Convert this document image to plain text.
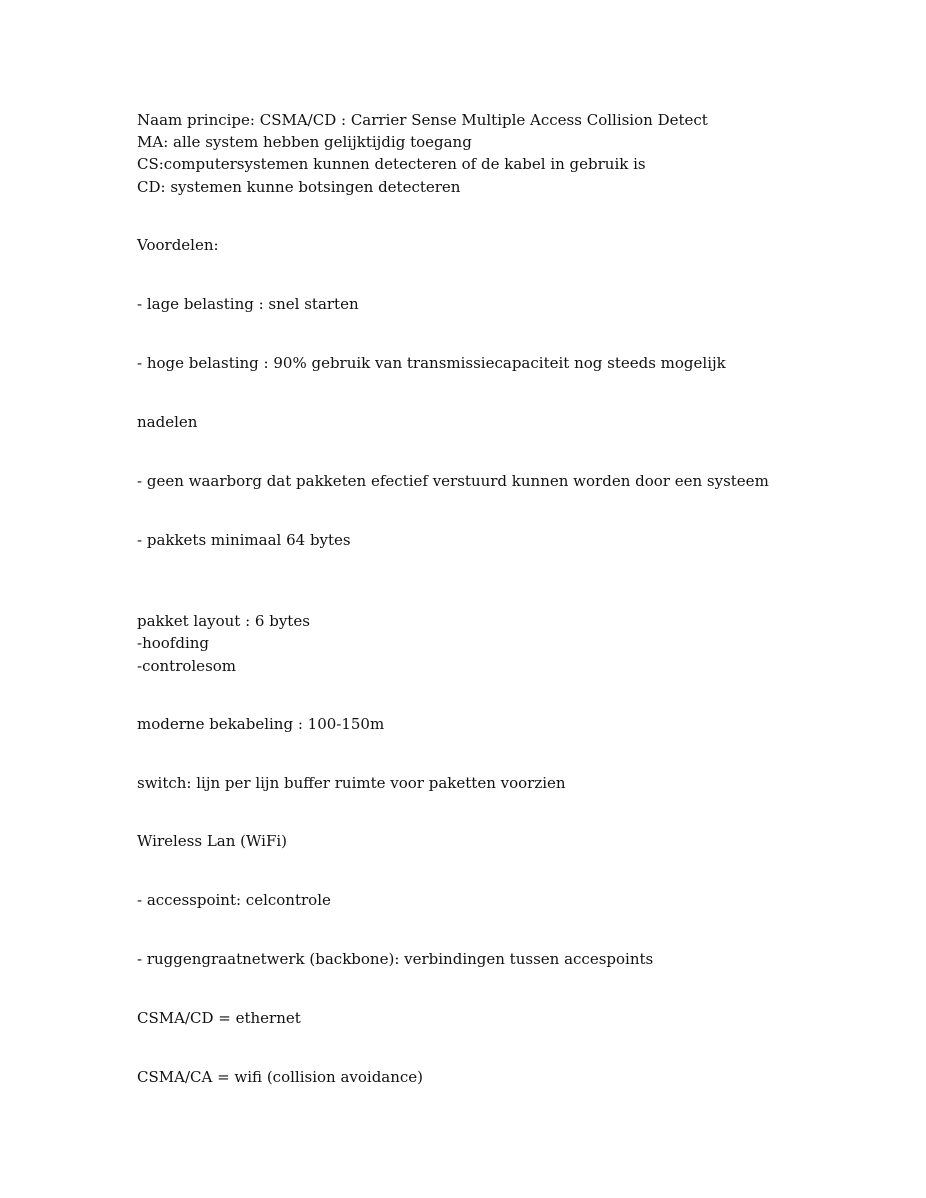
Naam principe: CSMA/CD : Carrier Sense Multiple Access Collision Detect
MA: alle system hebben gelijktijdig toegang
CS:computersystemen kunnen detecteren of de kabel in gebruik is
CD: systemen kunne botsingen detecteren
Voordelen:
- lage belasting : snel starten
- hoge belasting : 90% gebruik van transmissiecapaciteit nog steeds mogelijk
nadelen
- geen waarborg dat pakketen efectief verstuurd kunnen worden door een systeem
- pakkets minimaal 64 bytes
pakket layout : 6 bytes
-hoofding
-controlesom
moderne bekabeling : 100-150m
switch: lijn per lijn buffer ruimte voor paketten voorzien
Wireless Lan (WiFi)
- accesspoint: celcontrole
- ruggengraatnetwerk (backbone): verbindingen tussen accespoints
CSMA/CD = ethernet
CSMA/CA = wifi (collision avoidance)
